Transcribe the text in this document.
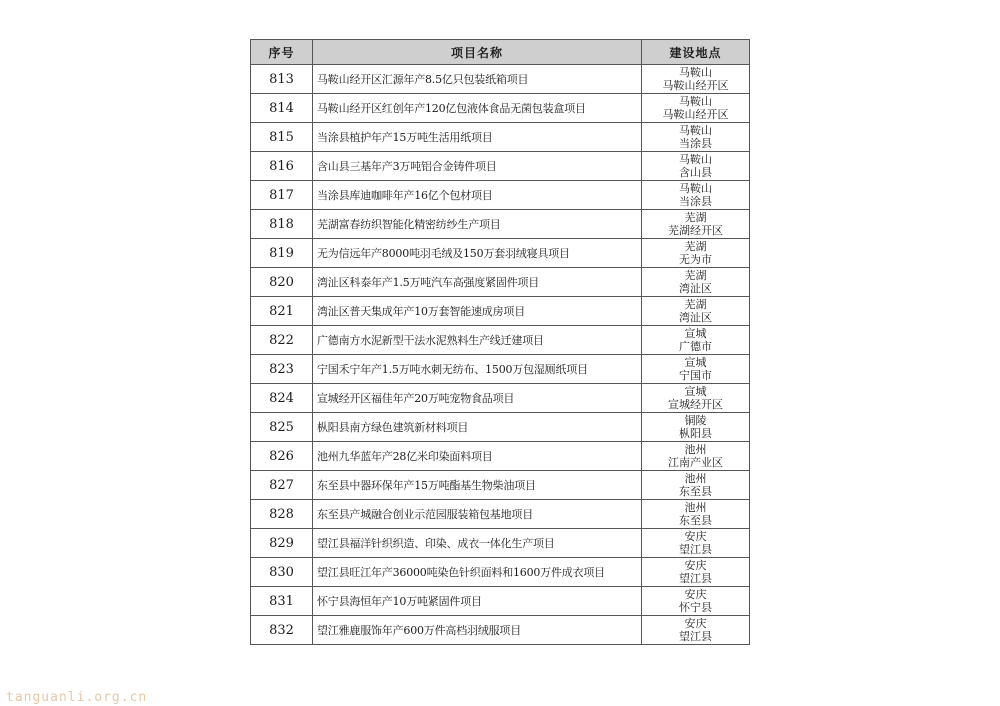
序号	项目名称	建设地点
813	马鞍山经开区汇源年产8.5亿只包装纸箱项目	马鞍山
马鞍山经开区

814	马鞍山经开区红创年产120亿包液体食品无菌包装盒项目	马鞍山
马鞍山经开区

815	当涂县植护年产15万吨生活用纸项目	马鞍山
当涂县

816	含山县三基年产3万吨铝合金铸件项目	马鞍山
含山县

817	当涂县库迪咖啡年产16亿个包材项目	马鞍山
当涂县

818	芜湖富春纺织智能化精密纺纱生产项目	芜湖
芜湖经开区

819	无为信远年产8000吨羽毛绒及150万套羽绒寝具项目	芜湖
无为市

820	湾沚区科泰年产1.5万吨汽车高强度紧固件项目	芜湖
湾沚区

821	湾沚区普天集成年产10万套智能速成房项目	芜湖
湾沚区

822	广德南方水泥新型干法水泥熟料生产线迁建项目	宣城
广德市

823	宁国禾宁年产1.5万吨水刺无纺布、1500万包湿厕纸项目	宣城
宁国市

824	宣城经开区福佳年产20万吨宠物食品项目	宣城
宣城经开区

825	枞阳县南方绿色建筑新材料项目	铜陵
枞阳县

826	池州九华蓝年产28亿米印染面料项目	池州
江南产业区

827	东至县中器环保年产15万吨酯基生物柴油项目	池州
东至县

828	东至县产城融合创业示范园服装箱包基地项目	池州
东至县

829	望江县福洋针织织造、印染、成衣一体化生产项目	安庆
望江县

830	望江县旺江年产36000吨染色针织面料和1600万件成衣项目	安庆
望江县

831	怀宁县海恒年产10万吨紧固件项目	安庆
怀宁县

832	望江雅鹿服饰年产600万件高档羽绒服项目	安庆
望江县
tanguanli.org.cn
